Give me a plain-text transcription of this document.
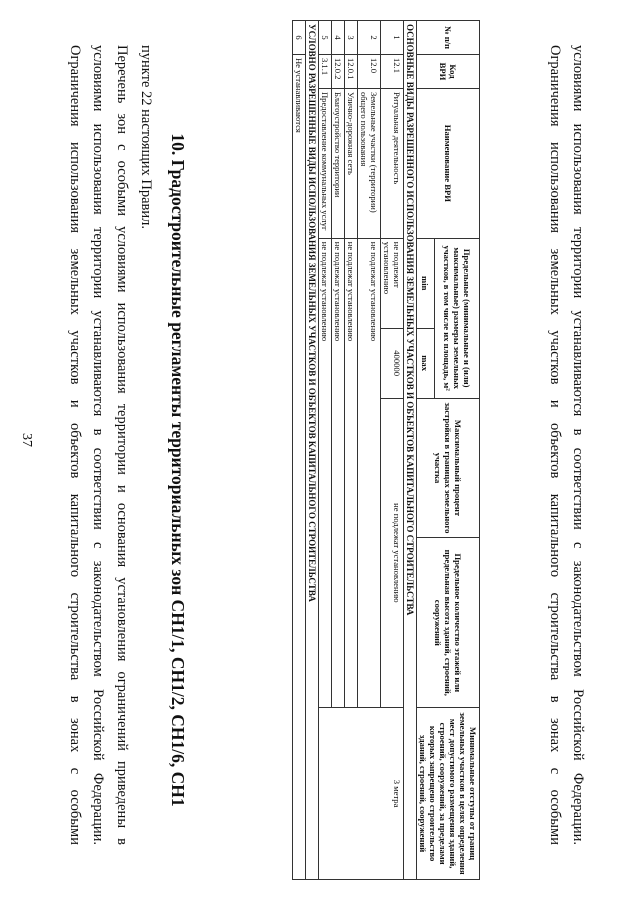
37 Ограничения использования земельных участков и объектов капитального строительства в зонах с особыми условиями использования территории устанавливаются в соответствии с законодательством Российской Федерации. Перечень зон с особыми условиями использования территории и основания установления ограничений приведены в пункте 22 настоящих Правил. 10. Градостроительные регламенты территориальных зон СН1/1, СН1/2, СН1/6, СН1
№ п/п	Код ВРИ	Наименование ВРИ	Предельные (минимальные и (или) максимальные) размеры земельных участков, в том числе их площадь, м²		Максимальный процент застройки в границах земельного участка	Предельное количество этажей или предельная высота зданий, строений, сооружений	Минимальные отступы от границ земельных участков в целях определения мест допустимого размещения зданий, строений, сооружений, за пределами которых запрещено строительство зданий, строений, сооружений
			min	max			
ОСНОВНЫЕ ВИДЫ РАЗРЕШЕННОГО ИСПОЛЬЗОВАНИЯ ЗЕМЕЛЬНЫХ УЧАСТКОВ И ОБЪЕКТОВ КАПИТАЛЬНОГО СТРОИТЕЛЬСТВА							
1	12.1	Ритуальная деятельность	не подлежит установлению	400000	не подлежат установлению		3 метра
2	12.0	Земельные участки (территории) общего пользования	не подлежат установлению				
3	12.0.1	Улично-дорожная сеть	не подлежат установлению				
4	12.0.2	Благоустройство территории	не подлежат установлению				
5	3.1.1	Предоставление коммунальных услуг	не подлежат установлению				
УСЛОВНО РАЗРЕШЕННЫЕ ВИДЫ ИСПОЛЬЗОВАНИЯ ЗЕМЕЛЬНЫХ УЧАСТКОВ И ОБЪЕКТОВ КАПИТАЛЬНОГО СТРОИТЕЛЬСТВА							
6	Не устанавливаются							Ограничения использования земельных участков и объектов капитального строительства в зонах с особыми условиями использования территории устанавливаются в соответствии с законодательством Российской Федерации.
